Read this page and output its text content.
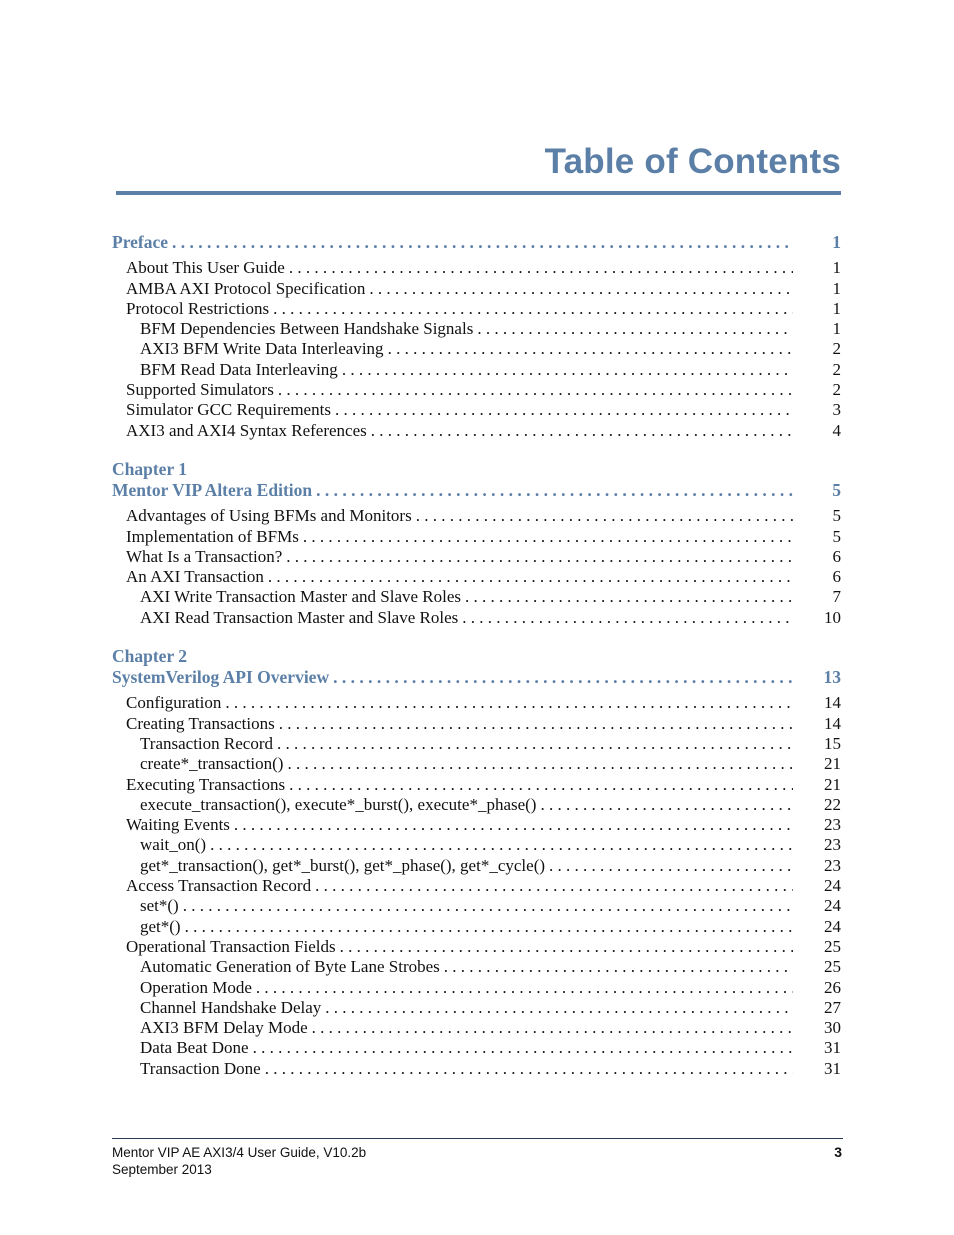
Table of Contents
Preface . . .	1
About This User Guide . . .	1
AMBA AXI Protocol Specification . . .	1
Protocol Restrictions . . .	1
BFM Dependencies Between Handshake Signals . . .	1
AXI3 BFM Write Data Interleaving . . .	2
BFM Read Data Interleaving . . .	2
Supported Simulators . . .	2
Simulator GCC Requirements . . .	3
AXI3 and AXI4 Syntax References . . .	4
Chapter 1
Mentor VIP Altera Edition . . .	5
Advantages of Using BFMs and Monitors . . .	5
Implementation of BFMs . . .	5
What Is a Transaction? . . .	6
An AXI Transaction . . .	6
AXI Write Transaction Master and Slave Roles . . .	7
AXI Read Transaction Master and Slave Roles . . .	10
Chapter 2
SystemVerilog API Overview . . .	13
Configuration . . .	14
Creating Transactions . . .	14
Transaction Record . . .	15
create*_transaction() . . .	21
Executing Transactions . . .	21
execute_transaction(), execute*_burst(), execute*_phase() . . .	22
Waiting Events . . .	23
wait_on() . . .	23
get*_transaction(), get*_burst(), get*_phase(), get*_cycle() . . .	23
Access Transaction Record . . .	24
set*() . . .	24
get*() . . .	24
Operational Transaction Fields . . .	25
Automatic Generation of Byte Lane Strobes . . .	25
Operation Mode . . .	26
Channel Handshake Delay . . .	27
AXI3 BFM Delay Mode . . .	30
Data Beat Done . . .	31
Transaction Done . . .	31
Mentor VIP AE AXI3/4 User Guide, V10.2b
September 2013
3
